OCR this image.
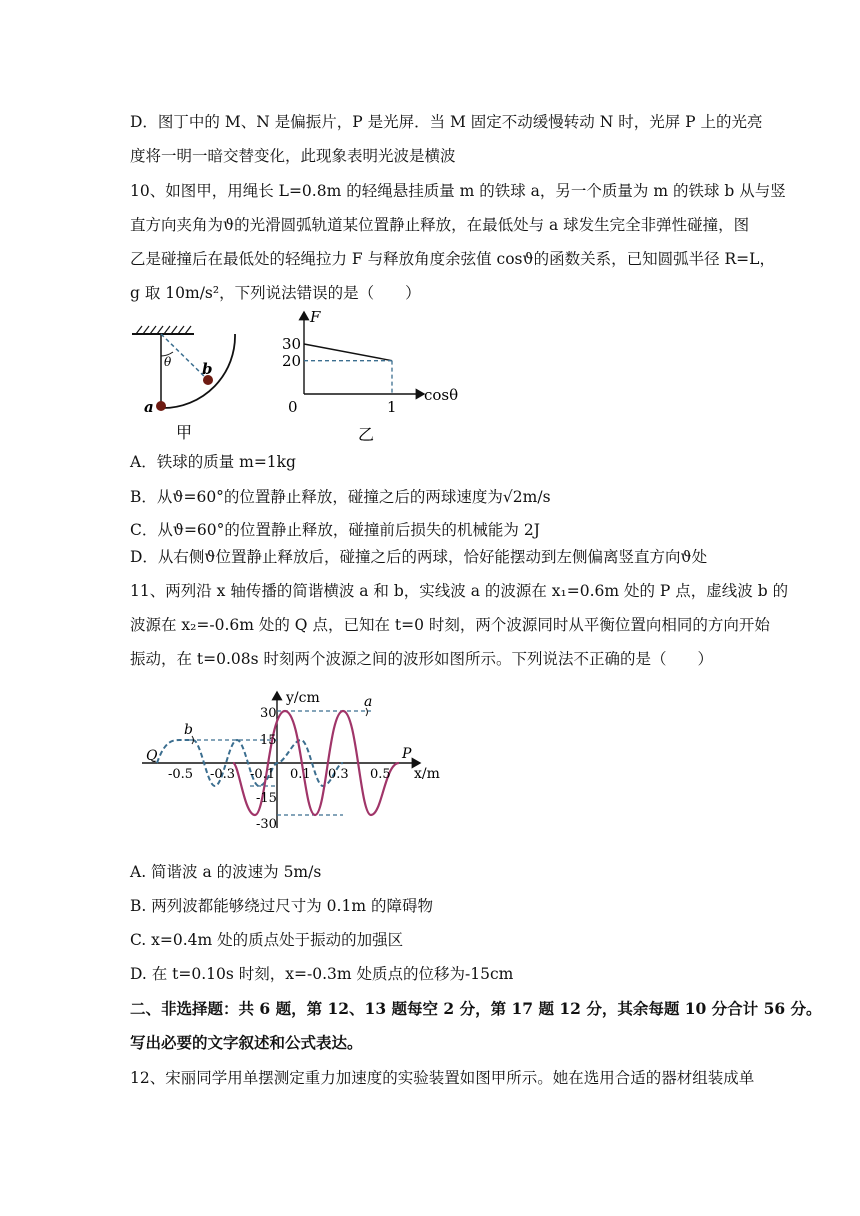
D．图丁中的 M、N 是偏振片，P 是光屏．当 M 固定不动缓慢转动 N 时，光屏 P 上的光亮
度将一明一暗交替变化，此现象表明光波是横波
10、如图甲，用绳长 L=0.8m 的轻绳悬挂质量 m 的铁球 a，另一个质量为 m 的铁球 b 从与竖
直方向夹角为ϑ的光滑圆弧轨道某位置静止释放，在最低处与 a 球发生完全非弹性碰撞，图
乙是碰撞后在最低处的轻绳拉力 F 与释放角度余弦值 cosϑ的函数关系，已知圆弧半径 R=L，
g 取 10m/s²，下列说法错误的是（　　）
θ
a
b
甲
F
cosθ
30
20
0	1
乙
A．铁球的质量 m=1kg
B．从ϑ=60°的位置静止释放，碰撞之后的两球速度为√2m/s
C．从ϑ=60°的位置静止释放，碰撞前后损失的机械能为 2J
D．从右侧ϑ位置静止释放后，碰撞之后的两球，恰好能摆动到左侧偏离竖直方向ϑ处
11、两列沿 x 轴传播的简谐横波 a 和 b，实线波 a 的波源在 x₁=0.6m 处的 P 点，虚线波 b 的
波源在 x₂=-0.6m 处的 Q 点，已知在 t=0 时刻，两个波源同时从平衡位置向相同的方向开始
振动，在 t=0.08s 时刻两个波源之间的波形如图所示。下列说法不正确的是（　　）
y/cm
x/m
b
a
Q	P
30
15
-15
-30
-0.5 -0.3 -0.1 0.1 0.3 0.5
A. 简谐波 a 的波速为 5m/s
B. 两列波都能够绕过尺寸为 0.1m 的障碍物
C. x=0.4m 处的质点处于振动的加强区
D. 在 t=0.10s 时刻，x=-0.3m 处质点的位移为-15cm
二、非选择题：共 6 题，第 12、13 题每空 2 分，第 17 题 12 分，其余每题 10 分合计 56 分。
写出必要的文字叙述和公式表达。
12、宋丽同学用单摆测定重力加速度的实验装置如图甲所示。她在选用合适的器材组装成单
